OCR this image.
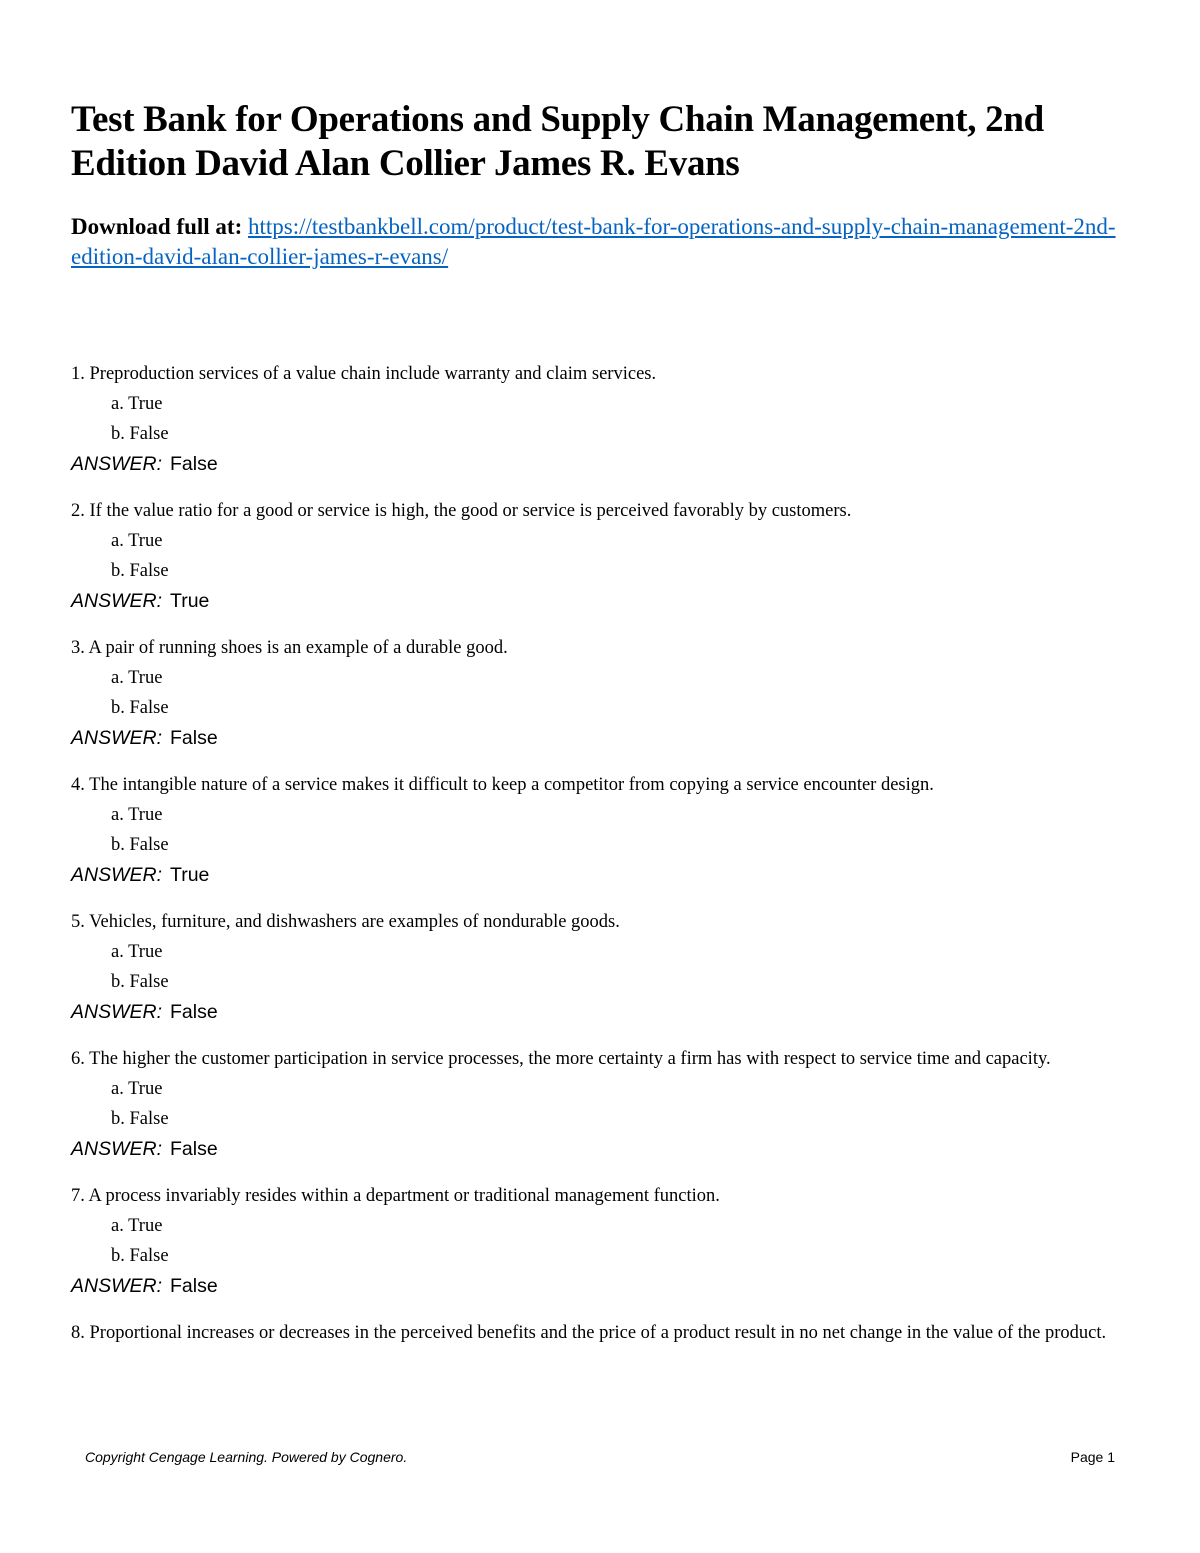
Test Bank for Operations and Supply Chain Management, 2nd Edition David Alan Collier James R. Evans
Download full at: https://testbankbell.com/product/test-bank-for-operations-and-supply-chain-management-2nd-edition-david-alan-collier-james-r-evans/
1. Preproduction services of a value chain include warranty and claim services.
a. True
b. False
ANSWER: False
2. If the value ratio for a good or service is high, the good or service is perceived favorably by customers.
a. True
b. False
ANSWER: True
3. A pair of running shoes is an example of a durable good.
a. True
b. False
ANSWER: False
4. The intangible nature of a service makes it difficult to keep a competitor from copying a service encounter design.
a. True
b. False
ANSWER: True
5. Vehicles, furniture, and dishwashers are examples of nondurable goods.
a. True
b. False
ANSWER: False
6. The higher the customer participation in service processes, the more certainty a firm has with respect to service time and capacity.
a. True
b. False
ANSWER: False
7. A process invariably resides within a department or traditional management function.
a. True
b. False
ANSWER: False
8. Proportional increases or decreases in the perceived benefits and the price of a product result in no net change in the value of the product.
Copyright Cengage Learning. Powered by Cognero.	Page 1
